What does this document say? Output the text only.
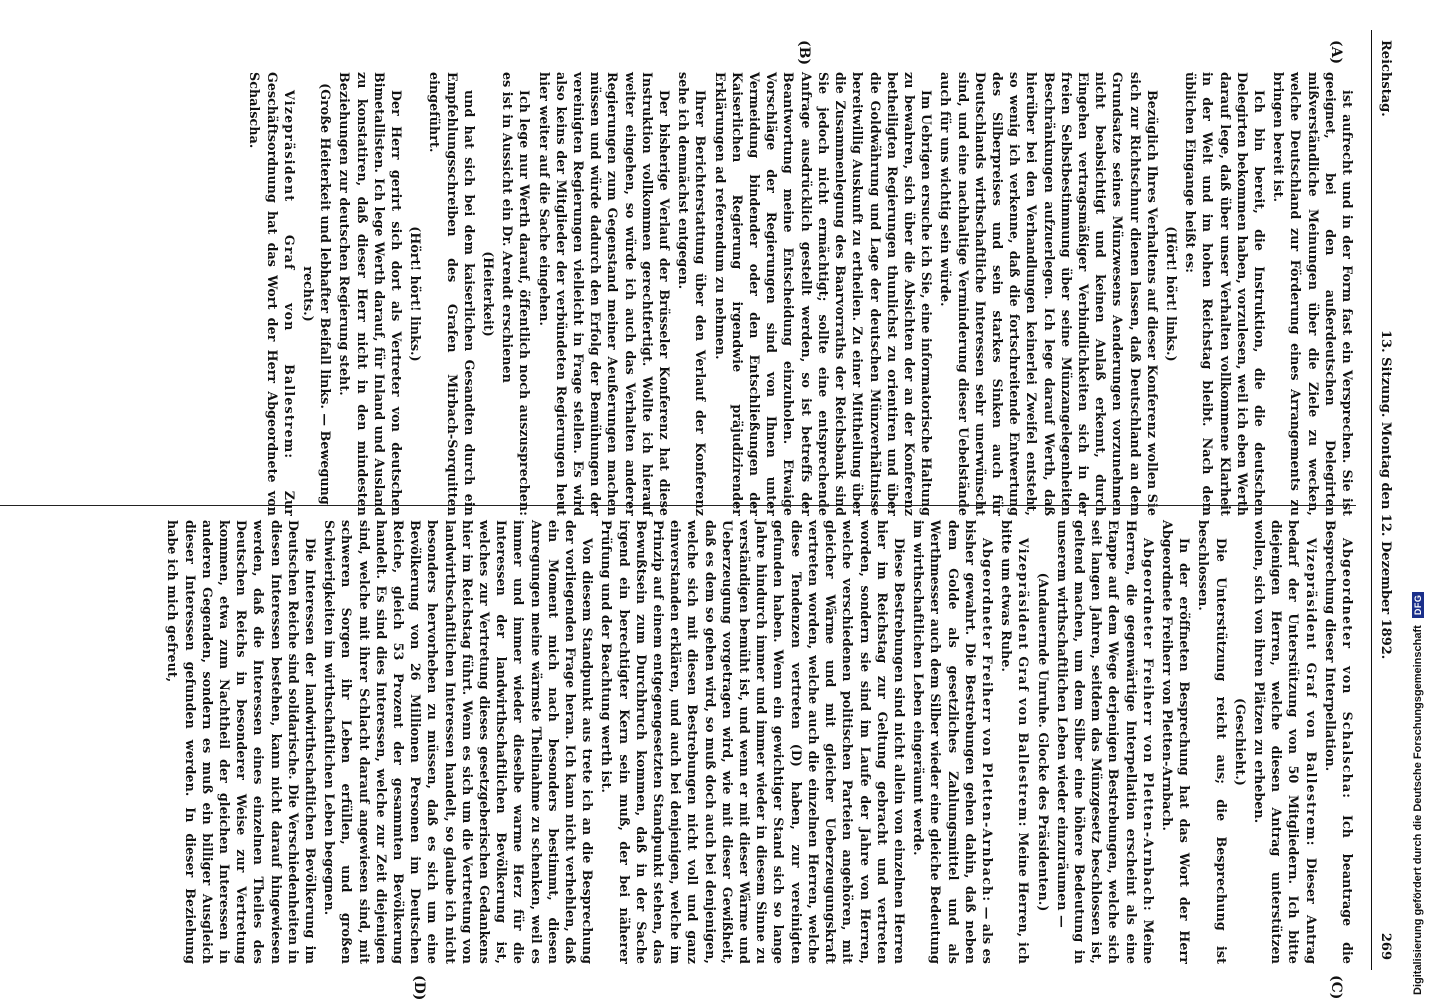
Reichstag.
13. Sitzung. Montag den 12. Dezember 1892.
269
(A)
(B)
(C)
(D)

ist aufrecht und in der Form fast ein Versprechen. Sie ist geeignet, bei den außerdeutschen Delegirten mißverständliche Meinungen über die Ziele zu wecken, welche Deutschland zur Förderung eines Arrangements zu bringen bereit ist.

Ich bin bereit, die Instruktion, die die deutschen Delegirten bekommen haben, vorzulesen, weil ich eben Werth darauf lege, daß über unser Verhalten vollkommene Klarheit in der Welt und im hohen Reichstag bleibt. Nach dem üblichen Eingange heißt es:

(Hört! hört! links.)

Bezüglich Ihres Verhaltens auf dieser Konferenz wollen Sie sich zur Richtschnur dienen lassen, daß Deutschland an dem Grundsatze seines Münzwesens Aenderungen vorzunehmen nicht beabsichtigt und keinen Anlaß erkennt, durch Eingehen vertragsmäßiger Verbindlichkeiten sich in der freien Selbstbestimmung über seine Münzangelegenheiten Beschränkungen aufzuerlegen. Ich lege darauf Werth, daß hierüber bei den Verhandlungen keinerlei Zweifel entsteht, so wenig ich verkenne, daß die fortschreitende Entwertung des Silberpreises und sein starkes Sinken auch für Deutschlands wirthschaftliche Interessen sehr unerwünscht sind, und eine nachhaltige Verminderung dieser Uebelstände auch für uns wichtig sein würde.

Im Uebrigen ersuche ich Sie, eine informatorische Haltung zu bewahren, sich über die Absichten der an der Konferenz betheiligten Regierungen thunlichst zu orientiren und über die Goldwährung und Lage der deutschen Münzverhältnisse bereitwillig Auskunft zu ertheilen. Zu einer Mittheilung über die Zusammenlegung des Baarvorraths der Reichsbank sind Sie jedoch nicht ermächtigt; sollte eine entsprechende Anfrage ausdrücklich gestellt werden, so ist betreffs der Beantwortung meine Entscheidung einzuholen. Etwaige Vorschläge der Regierungen sind von Ihnen unter Vermeidung bindender oder den Entschließungen der Kaiserlichen Regierung irgendwie präjudizirender Erklärungen ad referendum zu nehmen.

Ihrer Berichterstattung über den Verlauf der Konferenz sehe ich demnächst entgegen.

Der bisherige Verlauf der Brüsseler Konferenz hat diese Instruktion vollkommen gerechtfertigt. Wollte ich hierauf weiter eingehen, so würde ich auch das Verhalten anderer Regierungen zum Gegenstand meiner Aeußerungen machen müssen und würde dadurch den Erfolg der Bemühungen der vereinigten Regierungen vielleicht in Frage stellen. Es wird also keins der Mitglieder der verbündeten Regierungen heut hier weiter auf die Sache eingehen.

Ich lege nur Werth darauf, öffentlich noch auszusprechen: es ist in Aussicht ein Dr. Arendt erschienen

(Heiterkeit)

und hat sich bei dem kaiserlichen Gesandten durch ein Empfehlungsschreiben des Grafen Mirbach-Sorquitten eingeführt.

(Hört! hört! links.)

Der Herr gerirt sich dort als Vertreter von deutschen Bimetallisten. Ich lege Werth darauf, für Inland und Ausland zu konstatiren, daß dieser Herr nicht in den mindesten Beziehungen zur deutschen Regierung steht.

(Große Heiterkeit und lebhafter Beifall links. — Bewegung rechts.)

Vizepräsident Graf von Ballestrem: Zur Geschäftsordnung hat das Wort der Herr Abgeordnete von Schalscha.

Abgeordneter von Schalscha: Ich beantrage die Besprechung dieser Interpellation.

Vizepräsident Graf von Ballestrem: Dieser Antrag bedarf der Unterstützung von 50 Mitgliedern. Ich bitte diejenigen Herren, welche diesen Antrag unterstützen wollen, sich von ihren Plätzen zu erheben.

(Geschieht.)

Die Unterstützung reicht aus; die Besprechung ist beschlossen.

In der eröffneten Besprechung hat das Wort der Herr Abgeordnete Freiherr von Pletten-Arnbach.

Abgeordneter Freiherr von Pletten-Arnbach: Meine Herren, die gegenwärtige Interpellation erscheint als eine Etappe auf dem Wege derjenigen Bestrebungen, welche sich seit langen Jahren, seitdem das Münzgesetz beschlossen ist, geltend machen, um dem Silber eine höhere Bedeutung in unserem wirthschaftlichen Leben wieder einzuräumen —

(Andauernde Unruhe. Glocke des Präsidenten.)

Vizepräsident Graf von Ballestrem: Meine Herren, ich bitte um etwas Ruhe.

Abgeordneter Freiherr von Pletten-Arnbach: — als es bisher gewahrt. Die Bestrebungen gehen dahin, daß neben dem Golde als gesetzliches Zahlungsmittel und als Werthmesser auch dem Silber wieder eine gleiche Bedeutung im wirthschaftlichen Leben eingeräumt werde.

Diese Bestrebungen sind nicht allein von einzelnen Herren hier im Reichstag zur Geltung gebracht und vertreten worden, sondern sie sind im Laufe der Jahre von Herren, welche verschiedenen politischen Parteien angehören, mit gleicher Wärme und mit gleicher Ueberzeugungskraft vertreten worden, welche auch die einzelnen Herren, welche diese Tendenzen vertreten (D) haben, zur vereinigten gefunden haben. Wenn ein gewichtiger Stand sich so lange Jahre hindurch immer und immer wieder in diesem Sinne zu verständigen bemüht ist, und wenn er mit dieser Wärme und Ueberzeugung vorgetragen wird, wie mit dieser Gewißheit, daß es dem so gehen wird, so muß doch auch bei denjenigen, welche sich mit diesen Bestrebungen nicht voll und ganz einverstanden erklären, und auch bei denjenigen, welche im Prinzip auf einem entgegengesetzten Standpunkt stehen, das Bewußtsein zum Durchbruch kommen, daß in der Sache irgend ein berechtigter Kern sein muß, der bei näherer Prüfung und der Beachtung werth ist.

Von diesem Standpunkt aus trete ich an die Besprechung der vorliegenden Frage heran. Ich kann nicht verhehlen, daß ein Moment mich nach besonders bestimmt, diesen Anregungen meine wärmste Theilnahme zu schenken, weil es immer und immer wieder dieselbe warme Herz für die Interessen der landwirthschaftlichen Bevölkerung ist, welches zur Vertretung dieses gesetzgeberischen Gedankens hier im Reichstag führt. Wenn es sich um die Vertretung von landwirthschaftlichen Interessen handelt, so glaube ich nicht besonders hervorheben zu müssen, daß es sich um eine Bevölkerung von 26 Millionen Personen im Deutschen Reiche, gleich 53 Prozent der gesammten Bevölkerung handelt. Es sind dies Interessen, welche zur Zeit diejenigen sind, welche mit ihrer Schlacht darauf angewiesen sind, mit schweren Sorgen ihr Leben erfüllen, und großen Schwierigkeiten im wirthschaftlichen Leben begegnen.

Die Interessen der landwirthschaftlichen Bevölkerung im Deutschen Reiche sind solidarische. Die Verschiedenheiten in diesen Interessen bestehen, kann nicht darauf hingewiesen werden, daß die Interessen eines einzelnen Theiles des Deutschen Reichs in besonderer Weise zur Vertretung kommen, etwa zum Nachtheil der gleichen Interessen in anderen Gegenden, sondern es muß ein billiger Ausgleich dieser Interessen gefunden werden. In dieser Beziehung habe ich mich gefreut,

Digitalisierung gefördert durch die Deutsche Forschungsgemeinschaft DFG
